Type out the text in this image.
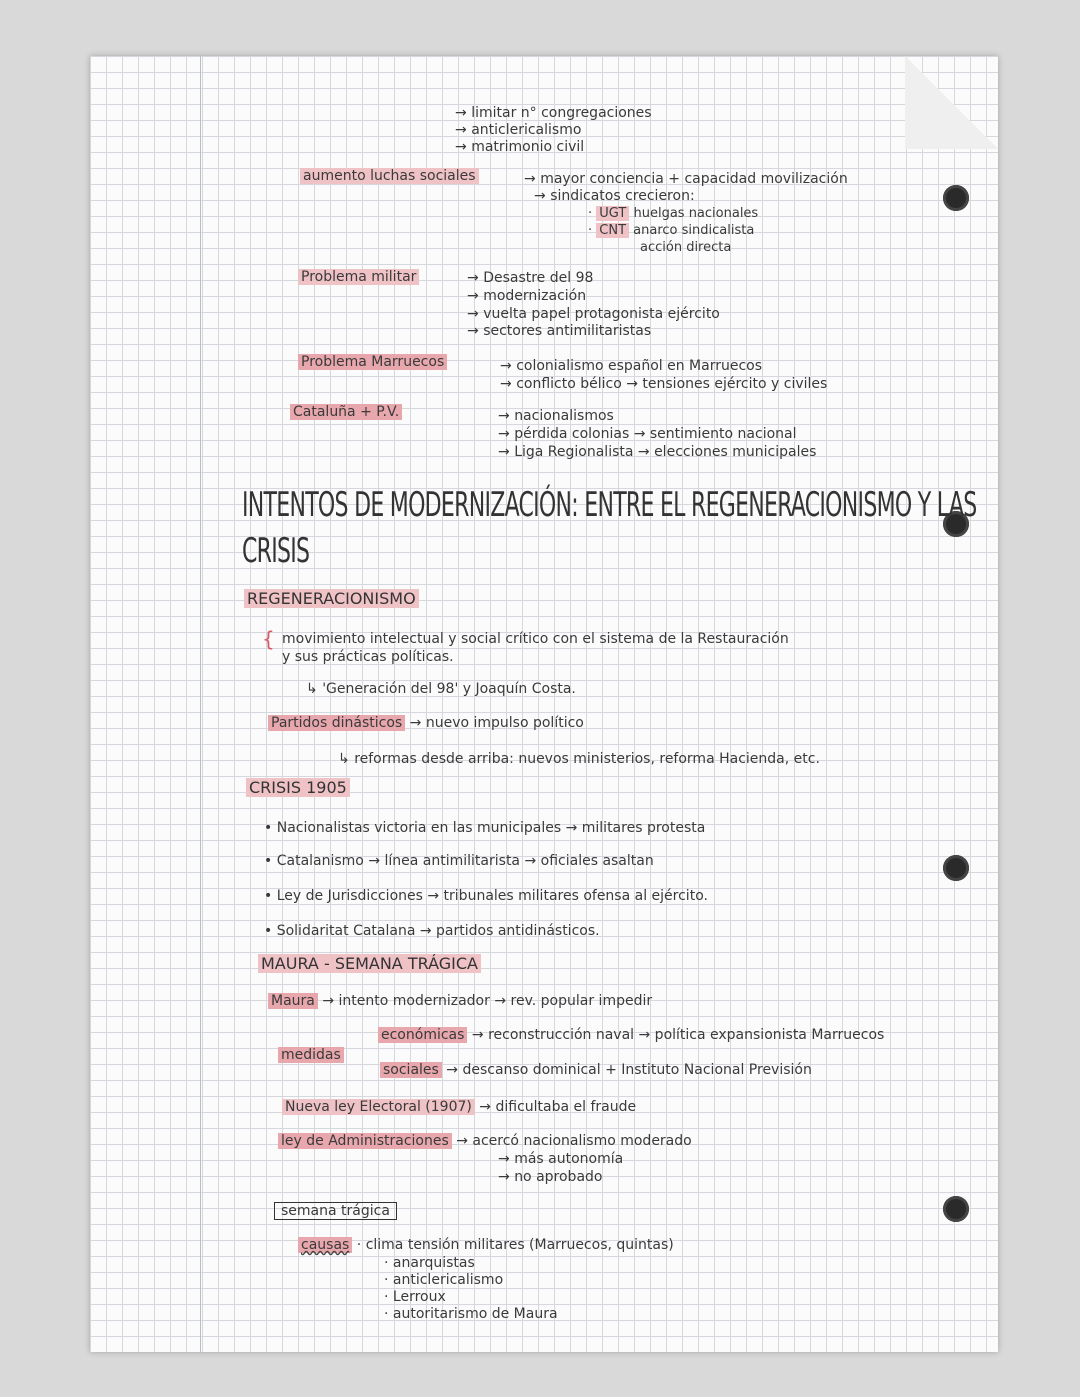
→ limitar n° congregaciones
→ anticlericalismo
→ matrimonio civil
aumento luchas sociales	→ mayor conciencia + capacidad movilización
→ sindicatos crecieron:
· UGT huelgas nacionales
· CNT anarco sindicalista
acción directa
Problema militar	→ Desastre del 98
→ modernización
→ vuelta papel protagonista ejército
→ sectores antimilitaristas
Problema Marruecos	→ colonialismo español en Marruecos
→ conflicto bélico → tensiones ejército y civiles
Cataluña + P.V.	→ nacionalismos
→ pérdida colonias → sentimiento nacional
→ Liga Regionalista → elecciones municipales
INTENTOS DE MODERNIZACIÓN: ENTRE EL REGENERACIONISMO Y LAS
CRISIS
REGENERACIONISMO
{ movimiento intelectual y social crítico con el sistema de la Restauración
y sus prácticas políticas.
↳ 'Generación del 98' y Joaquín Costa.
Partidos dinásticos → nuevo impulso político
↳ reformas desde arriba: nuevos ministerios, reforma Hacienda, etc.
CRISIS 1905
• Nacionalistas victoria en las municipales → militares protesta
• Catalanismo → línea antimilitarista → oficiales asaltan
• Ley de Jurisdicciones → tribunales militares ofensa al ejército.
• Solidaritat Catalana → partidos antidinásticos.
MAURA - SEMANA TRÁGICA
Maura → intento modernizador → rev. popular impedir
económicas → reconstrucción naval → política expansionista Marruecos
medidas
sociales → descanso dominical + Instituto Nacional Previsión
Nueva ley Electoral (1907) → dificultaba el fraude
ley de Administraciones → acercó nacionalismo moderado
→ más autonomía
→ no aprobado
semana trágica
causas · clima tensión militares (Marruecos, quintas)
· anarquistas
· anticlericalismo
· Lerroux
· autoritarismo de Maura
